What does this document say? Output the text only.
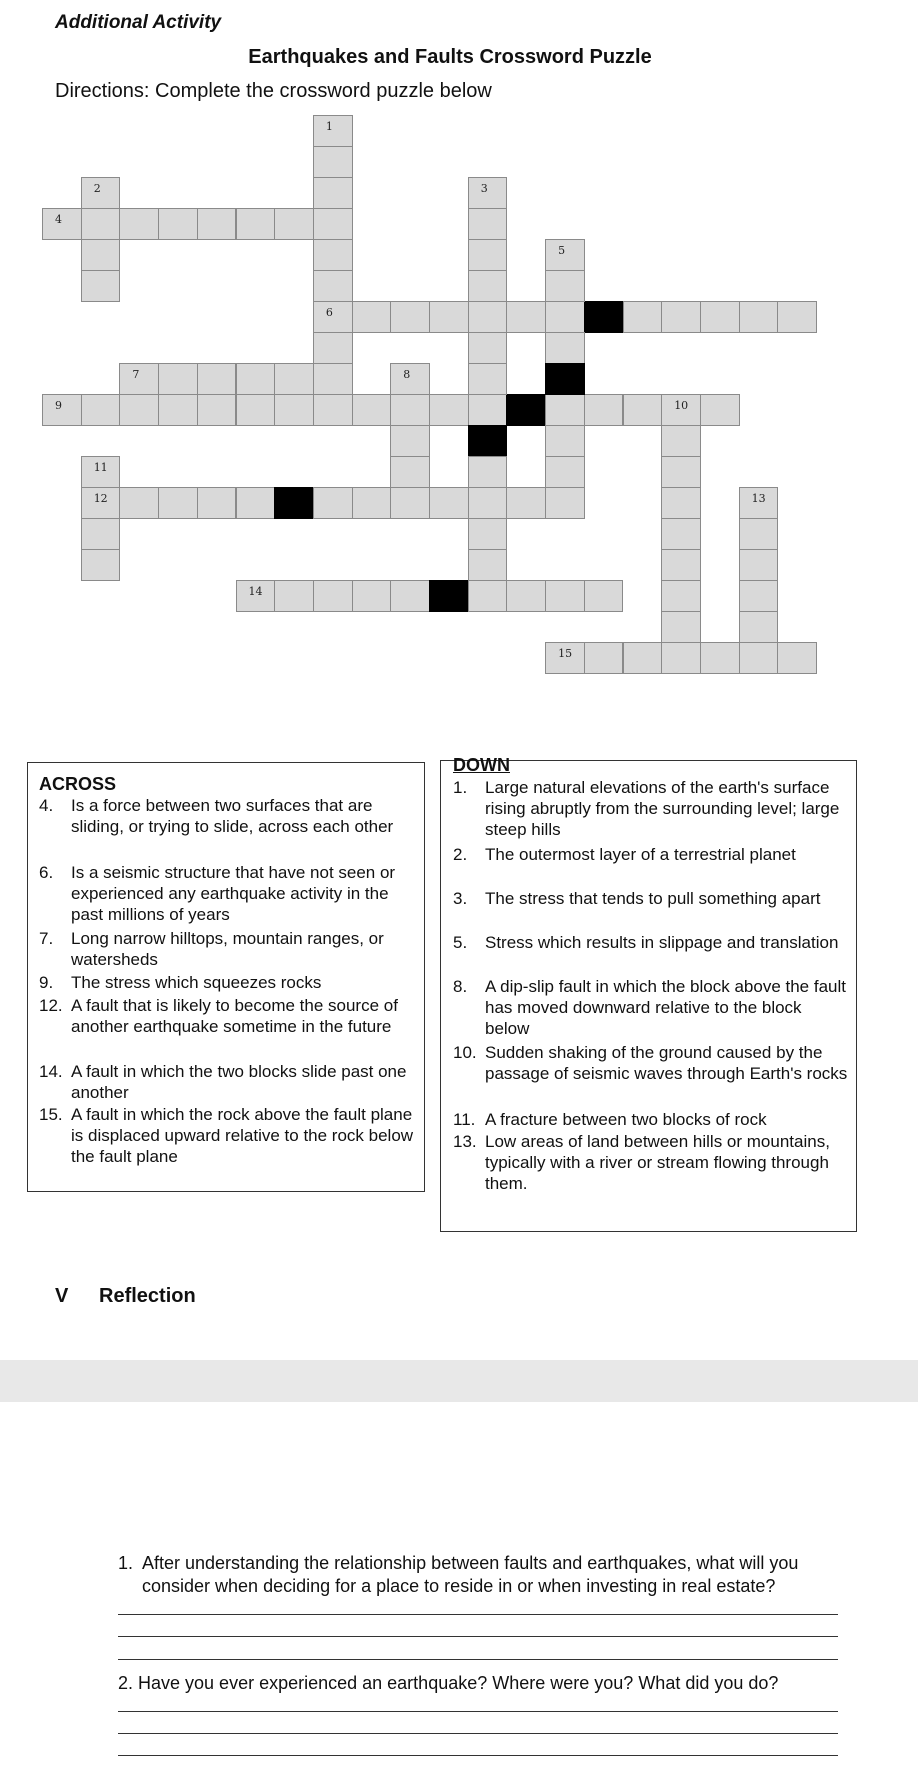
Additional Activity
Earthquakes and Faults Crossword Puzzle
Directions: Complete the crossword puzzle below
1
2	3
4
5
6
7	8
9	10
11
12	13
14
15
ACROSS
4. Is a force between two surfaces that are sliding, or trying to slide, across each other
6. Is a seismic structure that have not seen or experienced any earthquake activity in the past millions of years
7. Long narrow hilltops, mountain ranges, or watersheds
9. The stress which squeezes rocks
12. A fault that is likely to become the source of another earthquake sometime in the future
14. A fault in which the two blocks slide past one another
15. A fault in which the rock above the fault plane is displaced upward relative to the rock below the fault plane
DOWN
1. Large natural elevations of the earth's surface rising abruptly from the surrounding level; large steep hills
2. The outermost layer of a terrestrial planet
3. The stress that tends to pull something apart
5. Stress which results in slippage and translation
8. A dip-slip fault in which the block above the fault has moved downward relative to the block below
10. Sudden shaking of the ground caused by the passage of seismic waves through Earth's rocks
11. A fracture between two blocks of rock
13. Low areas of land between hills or mountains, typically with a river or stream flowing through them.
V Reflection
1. After understanding the relationship between faults and earthquakes, what will you consider when deciding for a place to reside in or when investing in real estate?
2. Have you ever experienced an earthquake? Where were you? What did you do?
